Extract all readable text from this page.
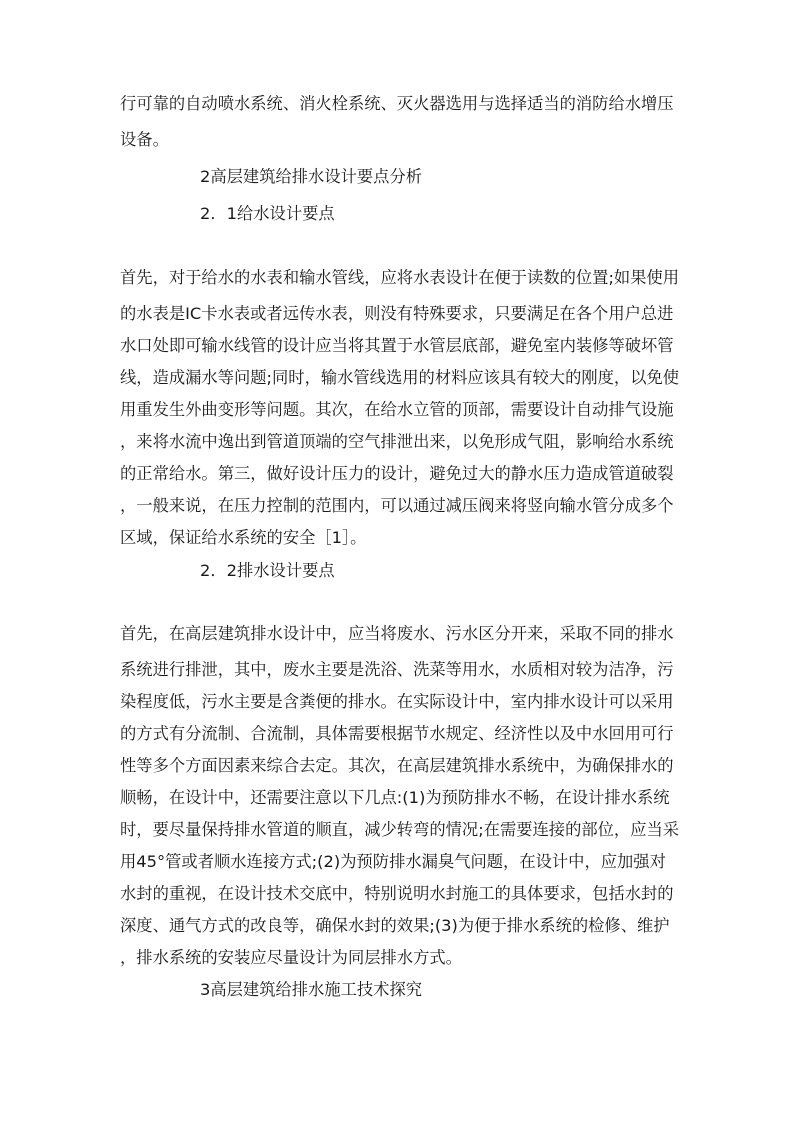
行可靠的自动喷水系统、消火栓系统、灭火器选用与选择适当的消防给水增压
设备。
2高层建筑给排水设计要点分析
2．1给水设计要点
首先，对于给水的水表和输水管线，应将水表设计在便于读数的位置;如果使用
的水表是IC卡水表或者远传水表，则没有特殊要求，只要满足在各个用户总进
水口处即可输水线管的设计应当将其置于水管层底部，避免室内装修等破坏管
线，造成漏水等问题;同时，输水管线选用的材料应该具有较大的刚度，以免使
用重发生外曲变形等问题。其次，在给水立管的顶部，需要设计自动排气设施
，来将水流中逸出到管道顶端的空气排泄出来，以免形成气阻，影响给水系统
的正常给水。第三，做好设计压力的设计，避免过大的静水压力造成管道破裂
，一般来说，在压力控制的范围内，可以通过减压阀来将竖向输水管分成多个
区域，保证给水系统的安全［1］。
2．2排水设计要点
首先，在高层建筑排水设计中，应当将废水、污水区分开来，采取不同的排水
系统进行排泄，其中，废水主要是洗浴、洗菜等用水，水质相对较为洁净，污
染程度低，污水主要是含粪便的排水。在实际设计中，室内排水设计可以采用
的方式有分流制、合流制，具体需要根据节水规定、经济性以及中水回用可行
性等多个方面因素来综合去定。其次，在高层建筑排水系统中，为确保排水的
顺畅，在设计中，还需要注意以下几点:(1)为预防排水不畅，在设计排水系统
时，要尽量保持排水管道的顺直，减少转弯的情况;在需要连接的部位，应当采
用45°管或者顺水连接方式;(2)为预防排水漏臭气问题，在设计中，应加强对
水封的重视，在设计技术交底中，特别说明水封施工的具体要求，包括水封的
深度、通气方式的改良等，确保水封的效果;(3)为便于排水系统的检修、维护
，排水系统的安装应尽量设计为同层排水方式。
3高层建筑给排水施工技术探究
